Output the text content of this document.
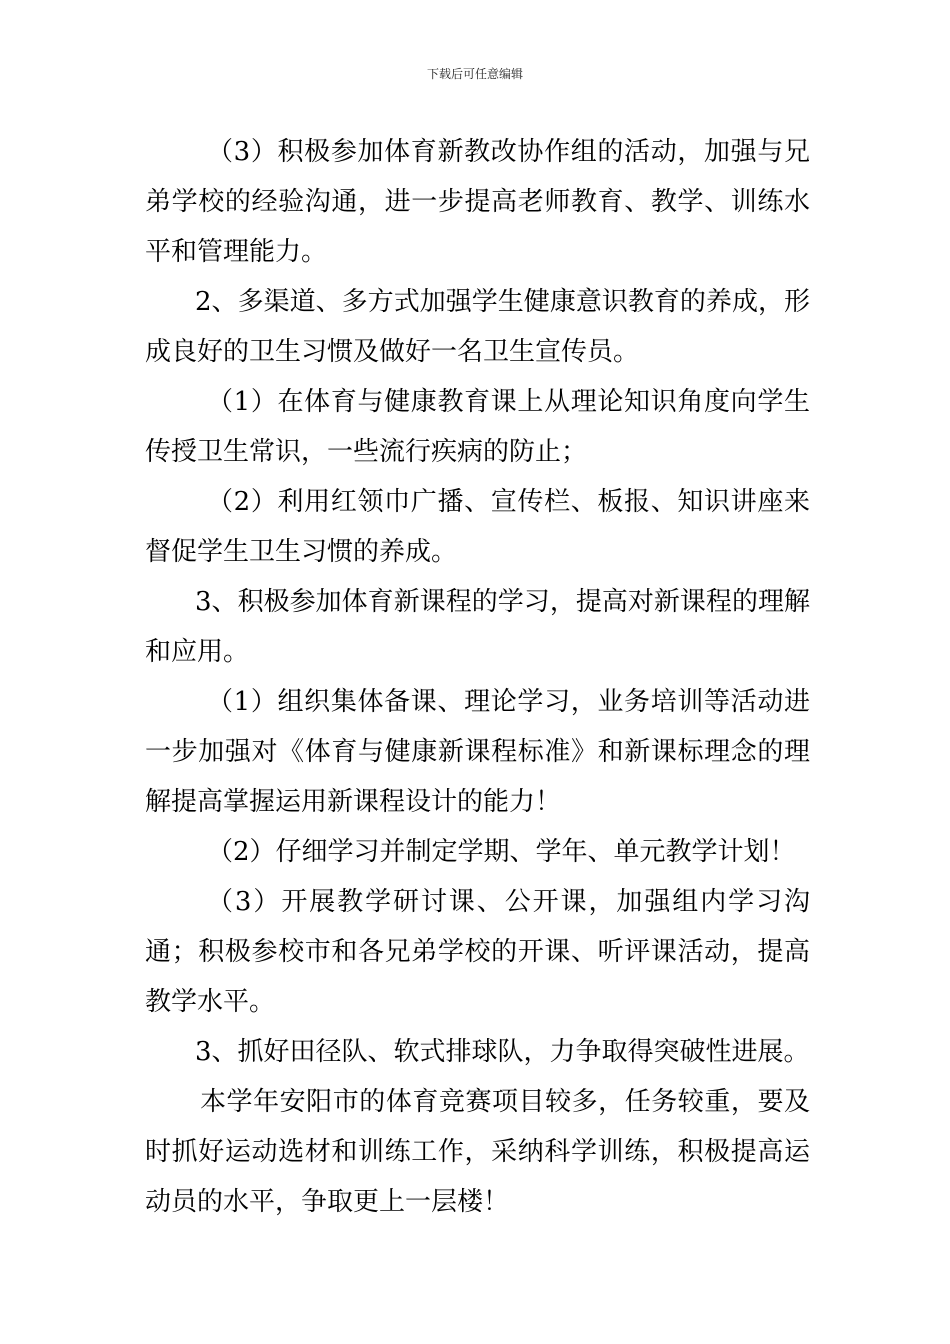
下载后可任意编辑

（3）积极参加体育新教改协作组的活动，加强与兄弟学校的经验沟通，进一步提高老师教育、教学、训练水平和管理能力。

2、多渠道、多方式加强学生健康意识教育的养成，形成良好的卫生习惯及做好一名卫生宣传员。

（1）在体育与健康教育课上从理论知识角度向学生传授卫生常识，一些流行疾病的防止；

（2）利用红领巾广播、宣传栏、板报、知识讲座来督促学生卫生习惯的养成。

3、积极参加体育新课程的学习，提高对新课程的理解和应用。

（1）组织集体备课、理论学习，业务培训等活动进一步加强对《体育与健康新课程标准》和新课标理念的理解提高掌握运用新课程设计的能力！

（2）仔细学习并制定学期、学年、单元教学计划！

（3）开展教学研讨课、公开课，加强组内学习沟通；积极参校市和各兄弟学校的开课、听评课活动，提高教学水平。

3、抓好田径队、软式排球队，力争取得突破性进展。

本学年安阳市的体育竞赛项目较多，任务较重，要及时抓好运动选材和训练工作，采纳科学训练，积极提高运动员的水平，争取更上一层楼！
